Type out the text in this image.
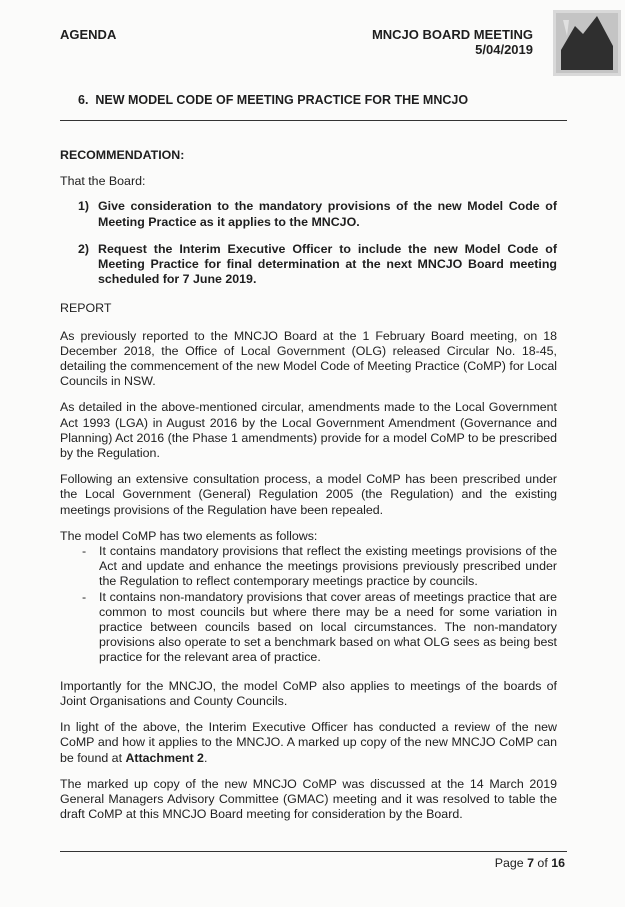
AGENDA	MNCJO BOARD MEETING
5/04/2019
6.  NEW MODEL CODE OF MEETING PRACTICE FOR THE MNCJO
RECOMMENDATION:
That the Board:
1) Give consideration to the mandatory provisions of the new Model Code of Meeting Practice as it applies to the MNCJO.
2) Request the Interim Executive Officer to include the new Model Code of Meeting Practice for final determination at the next MNCJO Board meeting scheduled for 7 June 2019.
REPORT

As previously reported to the MNCJO Board at the 1 February Board meeting, on 18 December 2018, the Office of Local Government (OLG) released Circular No. 18-45, detailing the commencement of the new Model Code of Meeting Practice (CoMP) for Local Councils in NSW.

As detailed in the above-mentioned circular, amendments made to the Local Government Act 1993 (LGA) in August 2016 by the Local Government Amendment (Governance and Planning) Act 2016 (the Phase 1 amendments) provide for a model CoMP to be prescribed by the Regulation.

Following an extensive consultation process, a model CoMP has been prescribed under the Local Government (General) Regulation 2005 (the Regulation) and the existing meetings provisions of the Regulation have been repealed.

The model CoMP has two elements as follows:

- It contains mandatory provisions that reflect the existing meetings provisions of the Act and update and enhance the meetings provisions previously prescribed under the Regulation to reflect contemporary meetings practice by councils.
- It contains non-mandatory provisions that cover areas of meetings practice that are common to most councils but where there may be a need for some variation in practice between councils based on local circumstances. The non-mandatory provisions also operate to set a benchmark based on what OLG sees as being best practice for the relevant area of practice.

Importantly for the MNCJO, the model CoMP also applies to meetings of the boards of Joint Organisations and County Councils.

In light of the above, the Interim Executive Officer has conducted a review of the new CoMP and how it applies to the MNCJO. A marked up copy of the new MNCJO CoMP can be found at Attachment 2.

The marked up copy of the new MNCJO CoMP was discussed at the 14 March 2019 General Managers Advisory Committee (GMAC) meeting and it was resolved to table the draft CoMP at this MNCJO Board meeting for consideration by the Board.

Page 7 of 16
